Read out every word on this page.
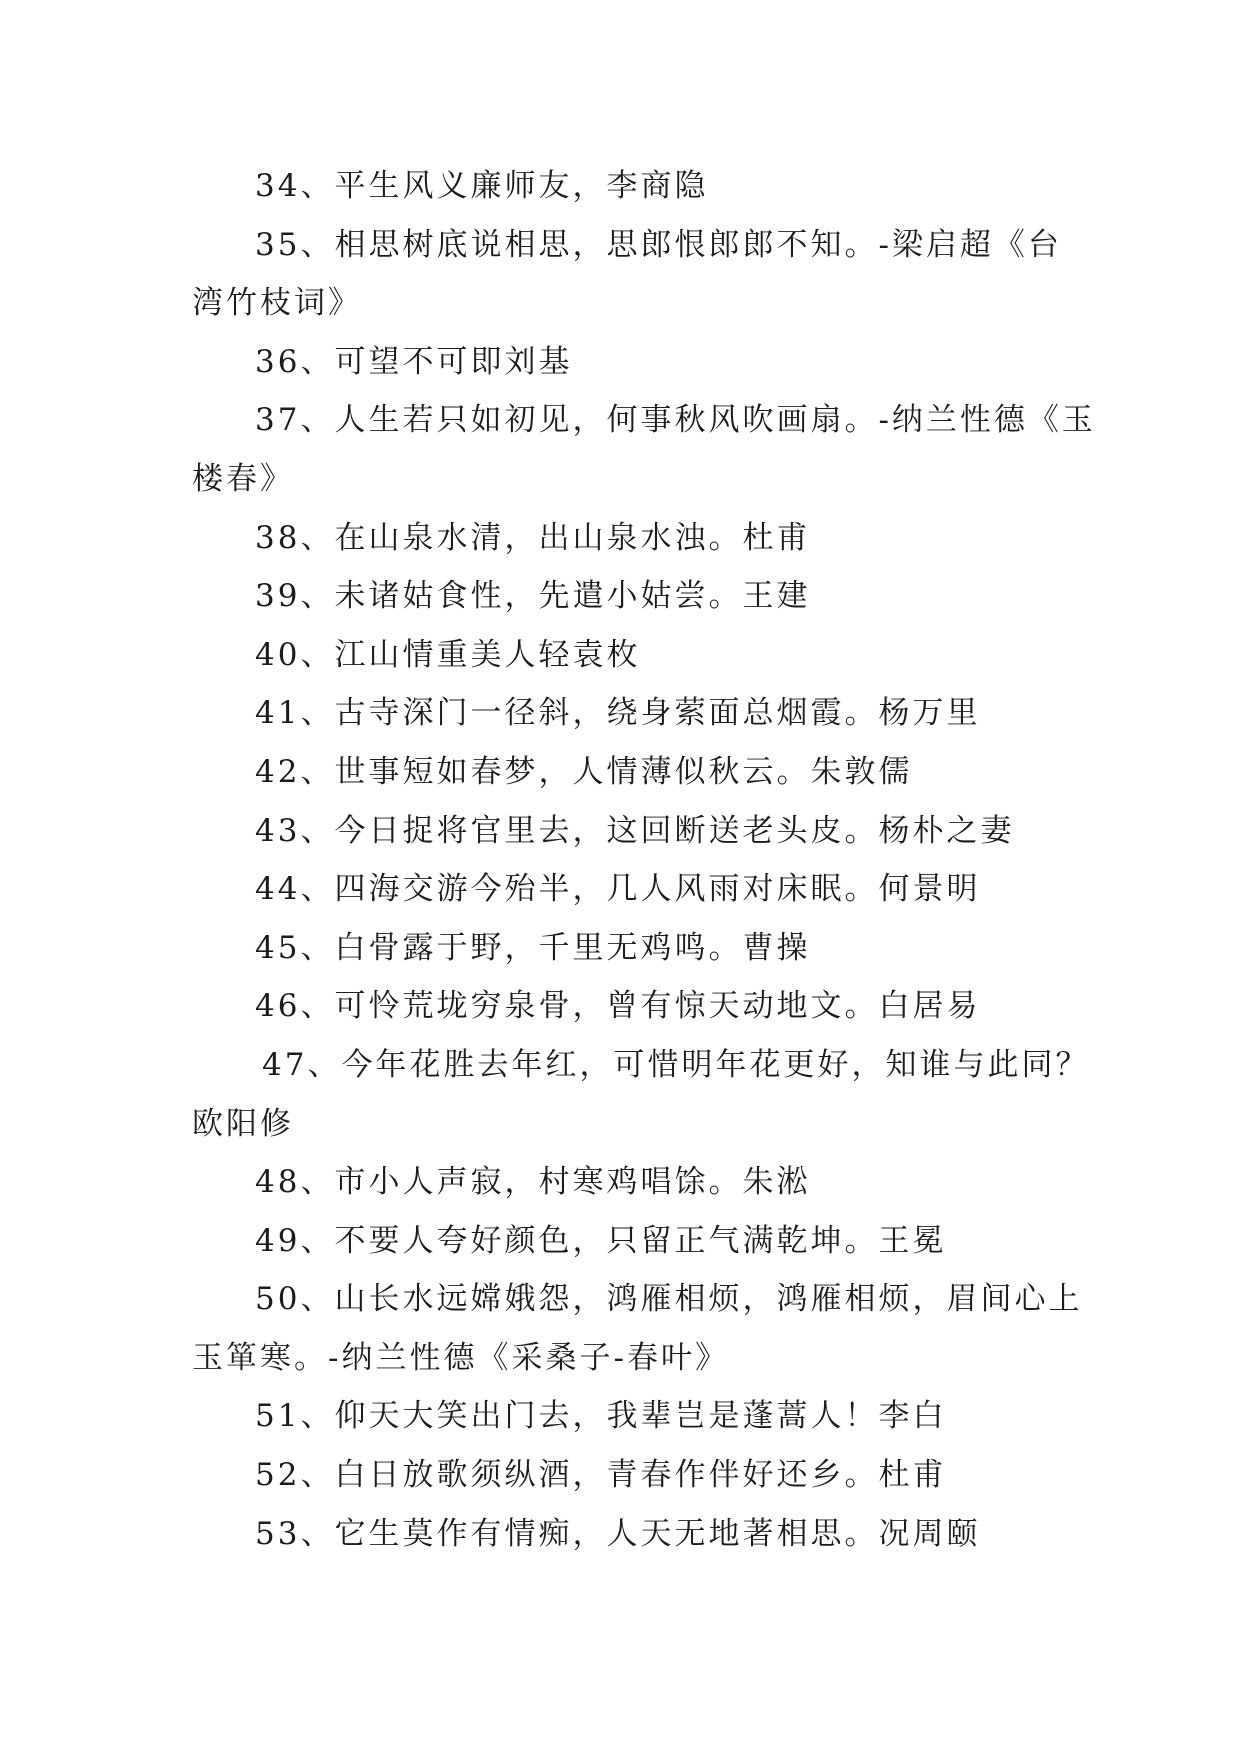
34、平生风义廉师友，李商隐
35、相思树底说相思，思郎恨郎郎不知。-梁启超《台
湾竹枝词》
36、可望不可即刘基
37、人生若只如初见，何事秋风吹画扇。-纳兰性德《玉
楼春》
38、在山泉水清，出山泉水浊。杜甫
39、未诸姑食性，先遣小姑尝。王建
40、江山情重美人轻袁枚
41、古寺深门一径斜，绕身萦面总烟霞。杨万里
42、世事短如春梦，人情薄似秋云。朱敦儒
43、今日捉将官里去，这回断送老头皮。杨朴之妻
44、四海交游今殆半，几人风雨对床眠。何景明
45、白骨露于野，千里无鸡鸣。曹操
46、可怜荒垅穷泉骨，曾有惊天动地文。白居易
47、今年花胜去年红，可惜明年花更好，知谁与此同？
欧阳修
48、市小人声寂，村寒鸡唱馀。朱淞
49、不要人夸好颜色，只留正气满乾坤。王冕
50、山长水远嫦娥怨，鸿雁相烦，鸿雁相烦，眉间心上
玉箪寒。-纳兰性德《采桑子-春叶》
51、仰天大笑出门去，我辈岂是蓬蒿人！李白
52、白日放歌须纵酒，青春作伴好还乡。杜甫
53、它生莫作有情痴，人天无地著相思。况周颐
